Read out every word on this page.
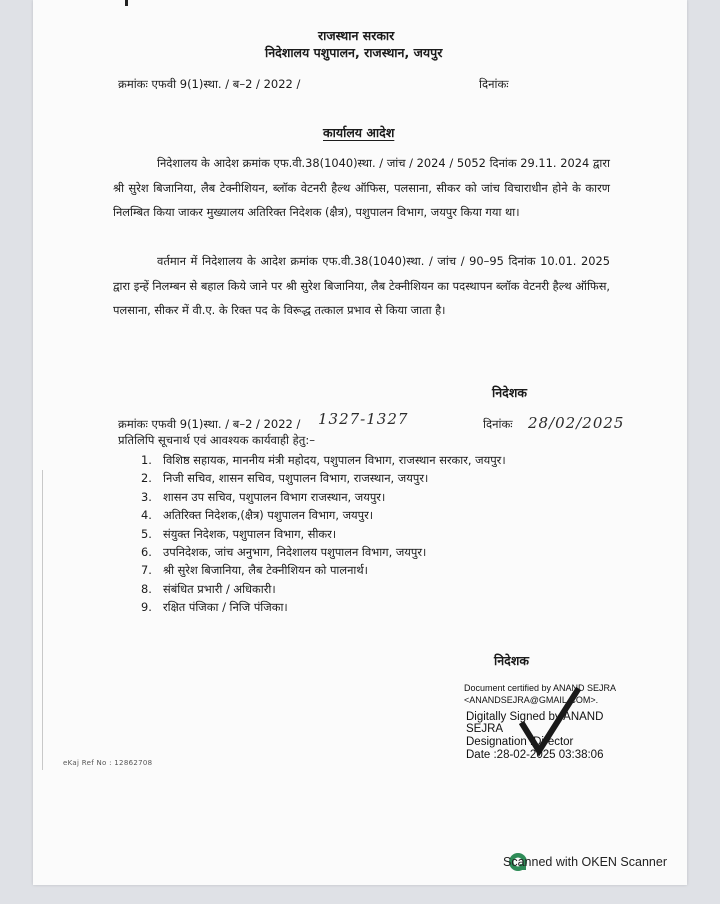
राजस्थान सरकार
निदेशालय पशुपालन, राजस्थान, जयपुर
क्रमांकः एफवी 9(1)स्था. / ब–2 / 2022 /	दिनांकः
कार्यालय आदेश
निदेशालय के आदेश क्रमांक एफ.वी.38(1040)स्था. / जांच / 2024 / 5052 दिनांक 29.11. 2024 द्वारा श्री सुरेश बिजानिया, लैब टेक्नीशियन, ब्लॉक वेटनरी हैल्थ ऑफिस, पलसाना, सीकर को जांच विचाराधीन होने के कारण निलम्बित किया जाकर मुख्यालय अतिरिक्त निदेशक (क्षैत्र), पशुपालन विभाग, जयपुर किया गया था।
वर्तमान में निदेशालय के आदेश क्रमांक एफ.वी.38(1040)स्था. / जांच / 90–95 दिनांक 10.01. 2025 द्वारा इन्हें निलम्बन से बहाल किये जाने पर श्री सुरेश बिजानिया, लैब टेक्नीशियन का पदस्थापन ब्लॉक वेटनरी हैल्थ ऑफिस, पलसाना, सीकर में वी.ए. के रिक्त पद के विरूद्ध तत्काल प्रभाव से किया जाता है।
निदेशक
क्रमांकः एफवी 9(1)स्था. / ब–2 / 2022 / 1327-1327	दिनांकः 28/02/2025
प्रतिलिपि सूचनार्थ एवं आवश्यक कार्यवाही हेतु:–
1. विशिष्ठ सहायक, माननीय मंत्री महोदय, पशुपालन विभाग, राजस्थान सरकार, जयपुर।
2. निजी सचिव, शासन सचिव, पशुपालन विभाग, राजस्थान, जयपुर।
3. शासन उप सचिव, पशुपालन विभाग राजस्थान, जयपुर।
4. अतिरिक्त निदेशक,(क्षैत्र) पशुपालन विभाग, जयपुर।
5. संयुक्त निदेशक, पशुपालन विभाग, सीकर।
6. उपनिदेशक, जांच अनुभाग, निदेशालय पशुपालन विभाग, जयपुर।
7. श्री सुरेश बिजानिया, लैब टेक्नीशियन को पालनार्थ।
8. संबंधित प्रभारी / अधिकारी।
9. रक्षित पंजिका / निजि पंजिका।
निदेशक
Document certified by ANAND SEJRA
<ANANDSEJRA@GMAIL.COM>.
Digitally Signed by ANAND
SEJRA
Designation :Director
Date :28-02-2025 03:38:06
eKaj Ref No : 12862708
Scanned with OKEN Scanner
